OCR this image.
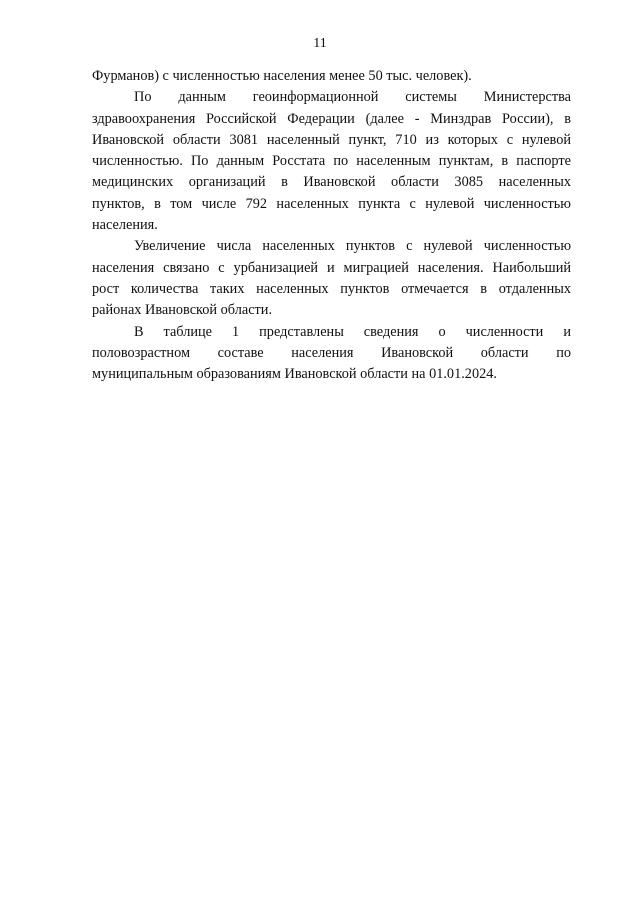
11

Фурманов) с численностью населения менее 50 тыс. человек).

По данным геоинформационной системы Министерства
здравоохранения Российской Федерации (далее - Минздрав России), в
Ивановской области 3081 населенный пункт, 710 из которых с нулевой
численностью. По данным Росстата по населенным пунктам, в паспорте
медицинских организаций в Ивановской области 3085 населенных
пунктов, в том числе 792 населенных пункта с нулевой численностью
населения.

Увеличение числа населенных пунктов с нулевой численностью
населения связано с урбанизацией и миграцией населения. Наибольший
рост количества таких населенных пунктов отмечается в отдаленных
районах Ивановской области.

В таблице 1 представлены сведения о численности и
половозрастном составе населения Ивановской области по
муниципальным образованиям Ивановской области на 01.01.2024.
